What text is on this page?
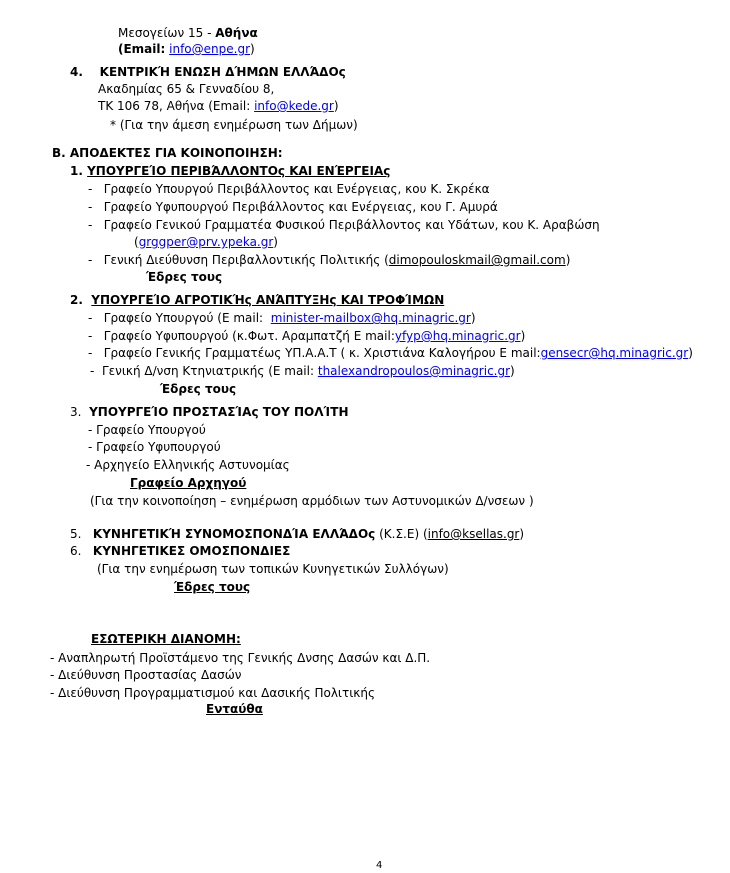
Μεσογείων 15 - Αθήνα
(Email: info@enpe.gr)
4. ΚΕΝΤΡΙΚΉ ΕΝΩΣΗ ΔΉΜΩΝ ΕΛΛΆΔΟς
Ακαδημίας 65 & Γενναδίου 8,
ΤΚ 106 78, Αθήνα (Email: info@kede.gr)
* (Για την άμεση ενημέρωση των Δήμων)
Β. ΑΠΟΔΕΚΤΕΣ ΓΙΑ ΚΟΙΝΟΠΟΙΗΣΗ:
1. ΥΠΟΥΡΓΕΊΟ ΠΕΡΙΒΆΛΛΟΝΤΟς ΚΑΙ ΕΝΈΡΓΕΙΑς
-   Γραφείο Υπουργού Περιβάλλοντος και Ενέργειας, κου Κ. Σκρέκα
-   Γραφείο Υφυπουργού Περιβάλλοντος και Ενέργειας, κου Γ. Αμυρά
-   Γραφείο Γενικού Γραμματέα Φυσικού Περιβάλλοντος και Υδάτων, κου Κ. Αραβώση
(grggper@prv.ypeka.gr)
-   Γενική Διεύθυνση Περιβαλλοντικής Πολιτικής (dimopouloskmail@gmail.com)
Έδρες τους
2. ΥΠΟΥΡΓΕΊΟ ΑΓΡΟΤΙΚΉς ΑΝΆΠΤΥΞΗς ΚΑΙ ΤΡΟΦΊΜΩΝ
-   Γραφείο Υπουργού (Ε mail: minister-mailbox@hq.minagric.gr)
-   Γραφείο Υφυπουργού (κ.Φωτ. Αραμπατζή Ε mail:yfyp@hq.minagric.gr)
-   Γραφείο Γενικής Γραμματέως ΥΠ.Α.Α.Τ ( κ. Χριστιάνα Καλογήρου Ε mail:gensecr@hq.minagric.gr)
-  Γενική Δ/νση Κτηνιατρικής (Ε mail: thalexandropoulos@minagric.gr)
Έδρες τους
3. ΥΠΟΥΡΓΕΊΟ ΠΡΟΣΤΑΣΊΑς ΤΟΥ ΠΟΛΊΤΗ
- Γραφείο Υπουργού
- Γραφείο Υφυπουργού
- Αρχηγείο Ελληνικής Αστυνομίας
Γραφείο Αρχηγού
(Για την κοινοποίηση – ενημέρωση αρμόδιων των Αστυνομικών Δ/νσεων )
5. ΚΥΝΗΓΕΤΙΚΉ ΣΥΝΟΜΟΣΠΟΝΔΊΑ ΕΛΛΆΔΟς (Κ.Σ.Ε) (info@ksellas.gr)
6. ΚΥΝΗΓΕΤΙΚΕΣ ΟΜΟΣΠΟΝΔΙΕΣ
(Για την ενημέρωση των τοπικών Κυνηγετικών Συλλόγων)
Έδρες τους
ΕΣΩΤΕΡΙΚΗ ΔΙΑΝΟΜΗ:
- Αναπληρωτή Προϊστάμενο της Γενικής Δνσης Δασών και Δ.Π.
- Διεύθυνση Προστασίας Δασών
- Διεύθυνση Προγραμματισμού και Δασικής Πολιτικής
Ενταύθα
4
